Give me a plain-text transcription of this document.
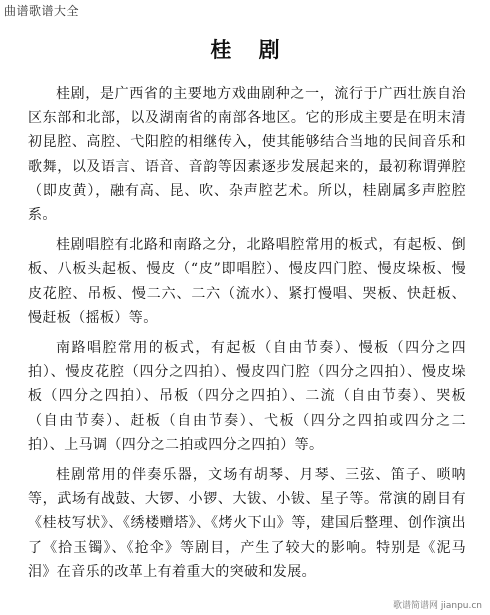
曲谱歌谱大全
桂 剧

桂剧，是广西省的主要地方戏曲剧种之一，流行于广西壮族自治区东部和北部，以及湖南省的南部各地区。它的形成主要是在明末清初昆腔、高腔、弋阳腔的相继传入，使其能够结合当地的民间音乐和歌舞，以及语言、语音、音韵等因素逐步发展起来的，最初称谓弹腔（即皮黄），融有高、昆、吹、杂声腔艺术。所以，桂剧属多声腔腔系。

桂剧唱腔有北路和南路之分，北路唱腔常用的板式，有起板、倒板、八板头起板、慢皮（“皮”即唱腔）、慢皮四门腔、慢皮垛板、慢皮花腔、吊板、慢二六、二六（流水）、紧打慢唱、哭板、快赶板、慢赶板（摇板）等。

南路唱腔常用的板式，有起板（自由节奏）、慢板（四分之四拍）、慢皮花腔（四分之四拍）、慢皮四门腔（四分之四拍）、慢皮垛板（四分之四拍）、吊板（四分之四拍）、二流（自由节奏）、哭板（自由节奏）、赶板（自由节奏）、弋板（四分之四拍或四分之二拍）、上马调（四分之二拍或四分之四拍）等。

桂剧常用的伴奏乐器，文场有胡琴、月琴、三弦、笛子、唢呐等，武场有战鼓、大锣、小锣、大钹、小钹、星子等。常演的剧目有《桂枝写状》、《绣楼赠塔》、《烤火下山》等，建国后整理、创作演出了《拾玉镯》、《抢伞》等剧目，产生了较大的影响。特别是《泥马泪》在音乐的改革上有着重大的突破和发展。

歌谱简谱网 jianpu.cn
